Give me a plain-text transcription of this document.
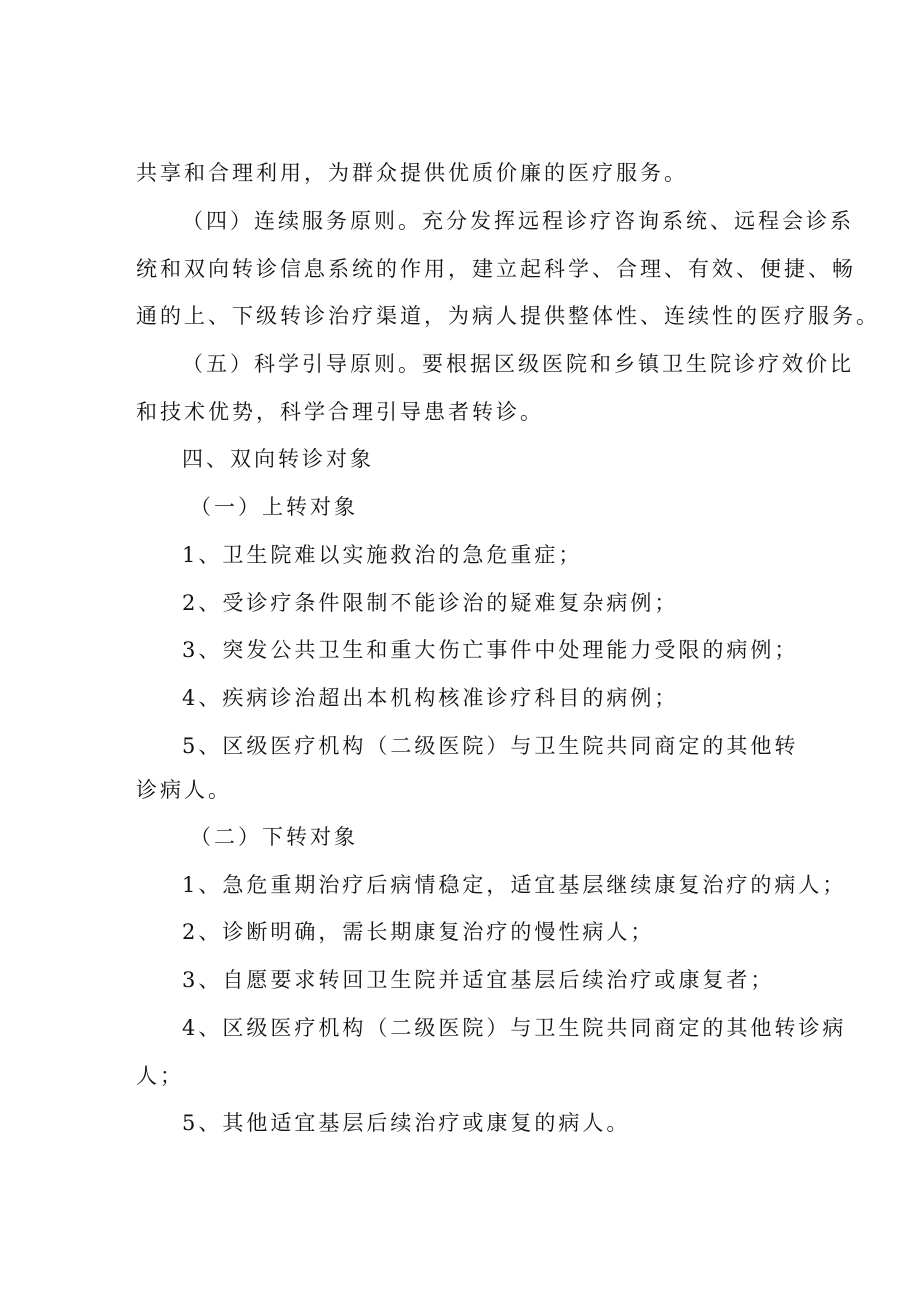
共享和合理利用，为群众提供优质价廉的医疗服务。
（四）连续服务原则。充分发挥远程诊疗咨询系统、远程会诊系
统和双向转诊信息系统的作用，建立起科学、合理、有效、便捷、畅
通的上、下级转诊治疗渠道，为病人提供整体性、连续性的医疗服务。
（五）科学引导原则。要根据区级医院和乡镇卫生院诊疗效价比
和技术优势，科学合理引导患者转诊。
四、双向转诊对象
（一）上转对象
1、卫生院难以实施救治的急危重症；
2、受诊疗条件限制不能诊治的疑难复杂病例；
3、突发公共卫生和重大伤亡事件中处理能力受限的病例；
4、疾病诊治超出本机构核准诊疗科目的病例；
5、区级医疗机构（二级医院）与卫生院共同商定的其他转
诊病人。
（二）下转对象
1、急危重期治疗后病情稳定，适宜基层继续康复治疗的病人；
2、诊断明确，需长期康复治疗的慢性病人；
3、自愿要求转回卫生院并适宜基层后续治疗或康复者；
4、区级医疗机构（二级医院）与卫生院共同商定的其他转诊病
人；
5、其他适宜基层后续治疗或康复的病人。
